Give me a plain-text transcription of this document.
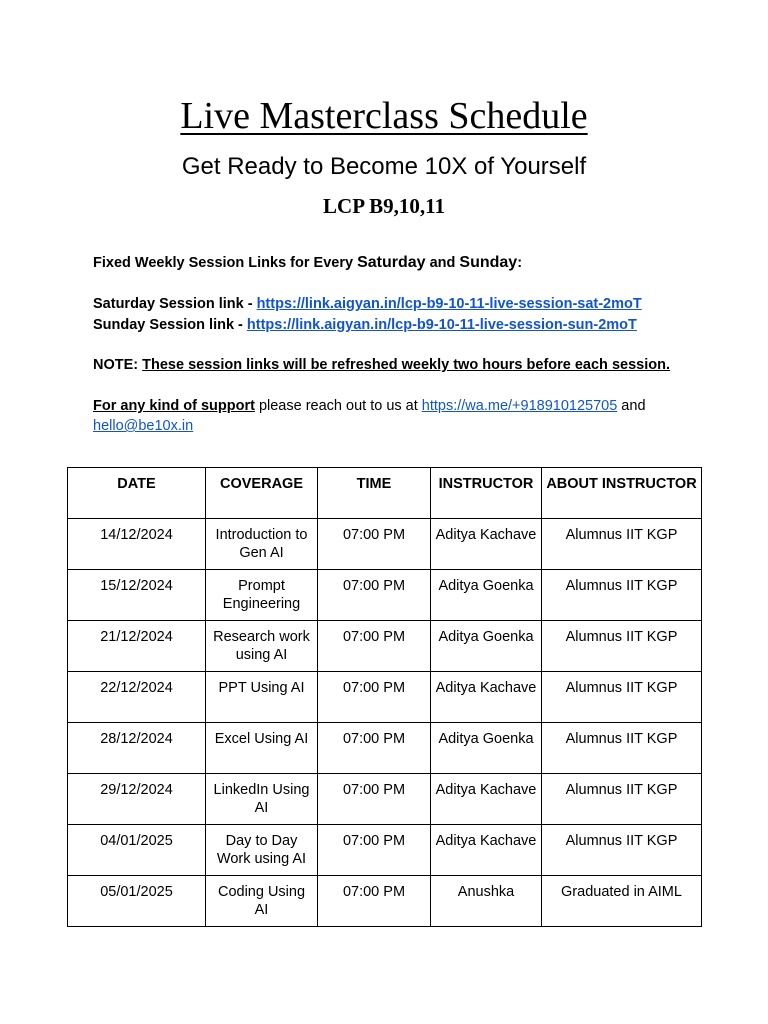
Live Masterclass Schedule
Get Ready to Become 10X of Yourself
LCP B9,10,11
Fixed Weekly Session Links for Every Saturday and Sunday:
Saturday Session link - https://link.aigyan.in/lcp-b9-10-11-live-session-sat-2moT
Sunday Session link - https://link.aigyan.in/lcp-b9-10-11-live-session-sun-2moT
NOTE: These session links will be refreshed weekly two hours before each session.
For any kind of support please reach out to us at https://wa.me/+918910125705 and
hello@be10x.in
DATE	COVERAGE	TIME	INSTRUCTOR	ABOUT INSTRUCTOR
14/12/2024	Introduction to Gen AI	07:00 PM	Aditya Kachave	Alumnus IIT KGP
15/12/2024	Prompt Engineering	07:00 PM	Aditya Goenka	Alumnus IIT KGP
21/12/2024	Research work using AI	07:00 PM	Aditya Goenka	Alumnus IIT KGP
22/12/2024	PPT Using AI	07:00 PM	Aditya Kachave	Alumnus IIT KGP
28/12/2024	Excel Using AI	07:00 PM	Aditya Goenka	Alumnus IIT KGP
29/12/2024	LinkedIn Using AI	07:00 PM	Aditya Kachave	Alumnus IIT KGP
04/01/2025	Day to Day Work using AI	07:00 PM	Aditya Kachave	Alumnus IIT KGP
05/01/2025	Coding Using AI	07:00 PM	Anushka	Graduated in AIML
